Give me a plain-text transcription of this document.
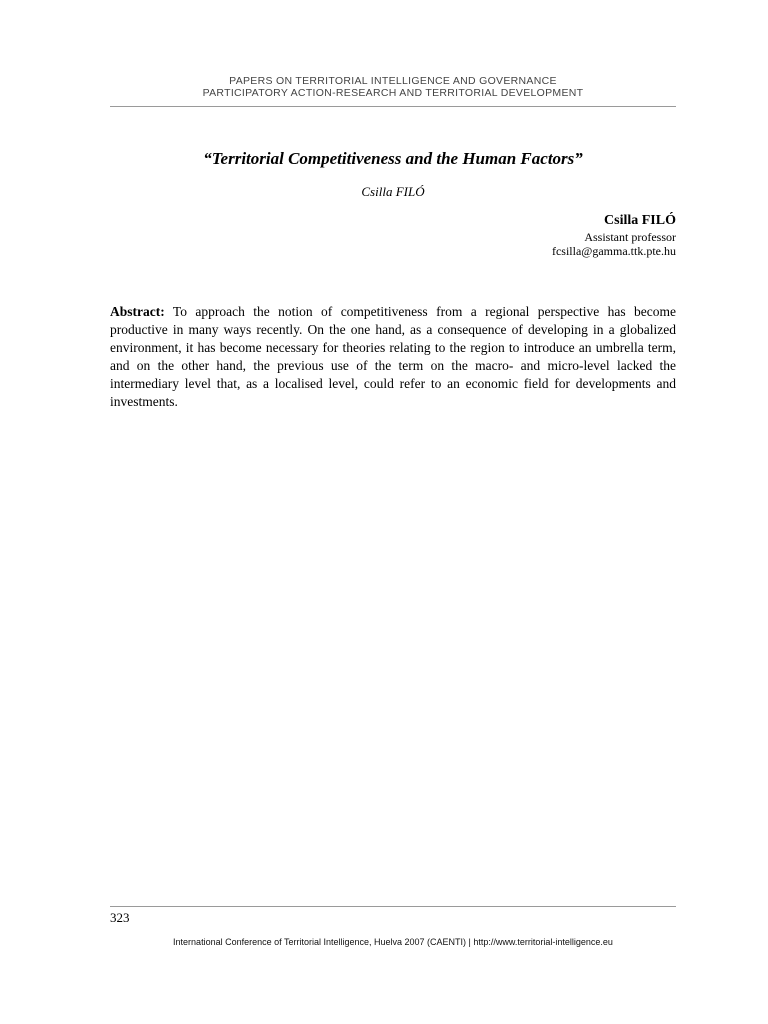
PAPERS ON TERRITORIAL INTELLIGENCE AND GOVERNANCE
PARTICIPATORY ACTION-RESEARCH AND TERRITORIAL DEVELOPMENT
“Territorial Competitiveness and the Human Factors”
Csilla FILÓ
Csilla FILÓ
Assistant professor
fcsilla@gamma.ttk.pte.hu

Abstract: To approach the notion of competitiveness from a regional perspective has become productive in many ways recently. On the one hand, as a consequence of developing in a globalized environment, it has become necessary for theories relating to the region to introduce an umbrella term, and on the other hand, the previous use of the term on the macro- and micro-level lacked the intermediary level that, as a localised level, could refer to an economic field for developments and investments.

323
International Conference of Territorial Intelligence, Huelva 2007 (CAENTI) | http://www.territorial-intelligence.eu
